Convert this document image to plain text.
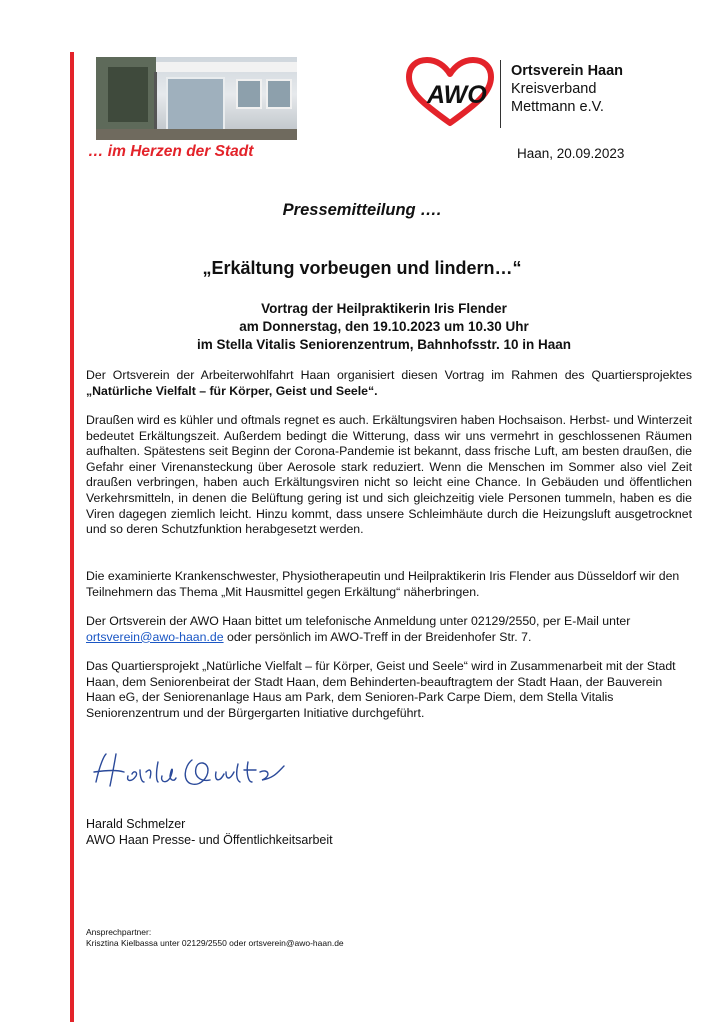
… im Herzen der Stadt
AWO
Ortsverein Haan
Kreisverband
Mettmann e.V.
Haan, 20.09.2023
Pressemitteilung ….
„Erkältung vorbeugen und lindern…“
Vortrag der Heilpraktikerin Iris Flender
am Donnerstag, den 19.10.2023 um 10.30 Uhr
im Stella Vitalis Seniorenzentrum, Bahnhofsstr. 10 in Haan

Der Ortsverein der Arbeiterwohlfahrt Haan organisiert diesen Vortrag im Rahmen des Quartiersprojektes „Natürliche Vielfalt – für Körper, Geist und Seele“.

Draußen wird es kühler und oftmals regnet es auch. Erkältungsviren haben Hochsaison. Herbst- und Winterzeit bedeutet Erkältungszeit. Außerdem bedingt die Witterung, dass wir uns vermehrt in geschlossenen Räumen aufhalten. Spätestens seit Beginn der Corona-Pandemie ist bekannt, dass frische Luft, am besten draußen, die Gefahr einer Virenansteckung über Aerosole stark reduziert. Wenn die Menschen im Sommer also viel Zeit draußen verbringen, haben auch Erkältungsviren nicht so leicht eine Chance. In Gebäuden und öffentlichen Verkehrsmitteln, in denen die Belüftung gering ist und sich gleichzeitig viele Personen tummeln, haben es die Viren dagegen ziemlich leicht. Hinzu kommt, dass unsere Schleimhäute durch die Heizungsluft ausgetrocknet und so deren Schutzfunktion herabgesetzt werden.

Die examinierte Krankenschwester, Physiotherapeutin und Heilpraktikerin Iris Flender aus Düsseldorf wir den Teilnehmern das Thema „Mit Hausmittel gegen Erkältung“ näherbringen.

Der Ortsverein der AWO Haan bittet um telefonische Anmeldung unter 02129/2550, per E-Mail unter ortsverein@awo-haan.de oder persönlich im AWO-Treff in der Breidenhofer Str. 7.

Das Quartiersprojekt „Natürliche Vielfalt – für Körper, Geist und Seele“ wird in Zusammenarbeit mit der Stadt Haan, dem Seniorenbeirat der Stadt Haan, dem Behinderten-beauftragtem der Stadt Haan, der Bauverein Haan eG, der Seniorenanlage Haus am Park, dem Senioren-Park Carpe Diem, dem Stella Vitalis Seniorenzentrum und der Bürgergarten Initiative durchgeführt.

Harald Schmelzer
AWO Haan Presse- und Öffentlichkeitsarbeit
Ansprechpartner:
Krisztina Kielbassa unter 02129/2550 oder ortsverein@awo-haan.de
